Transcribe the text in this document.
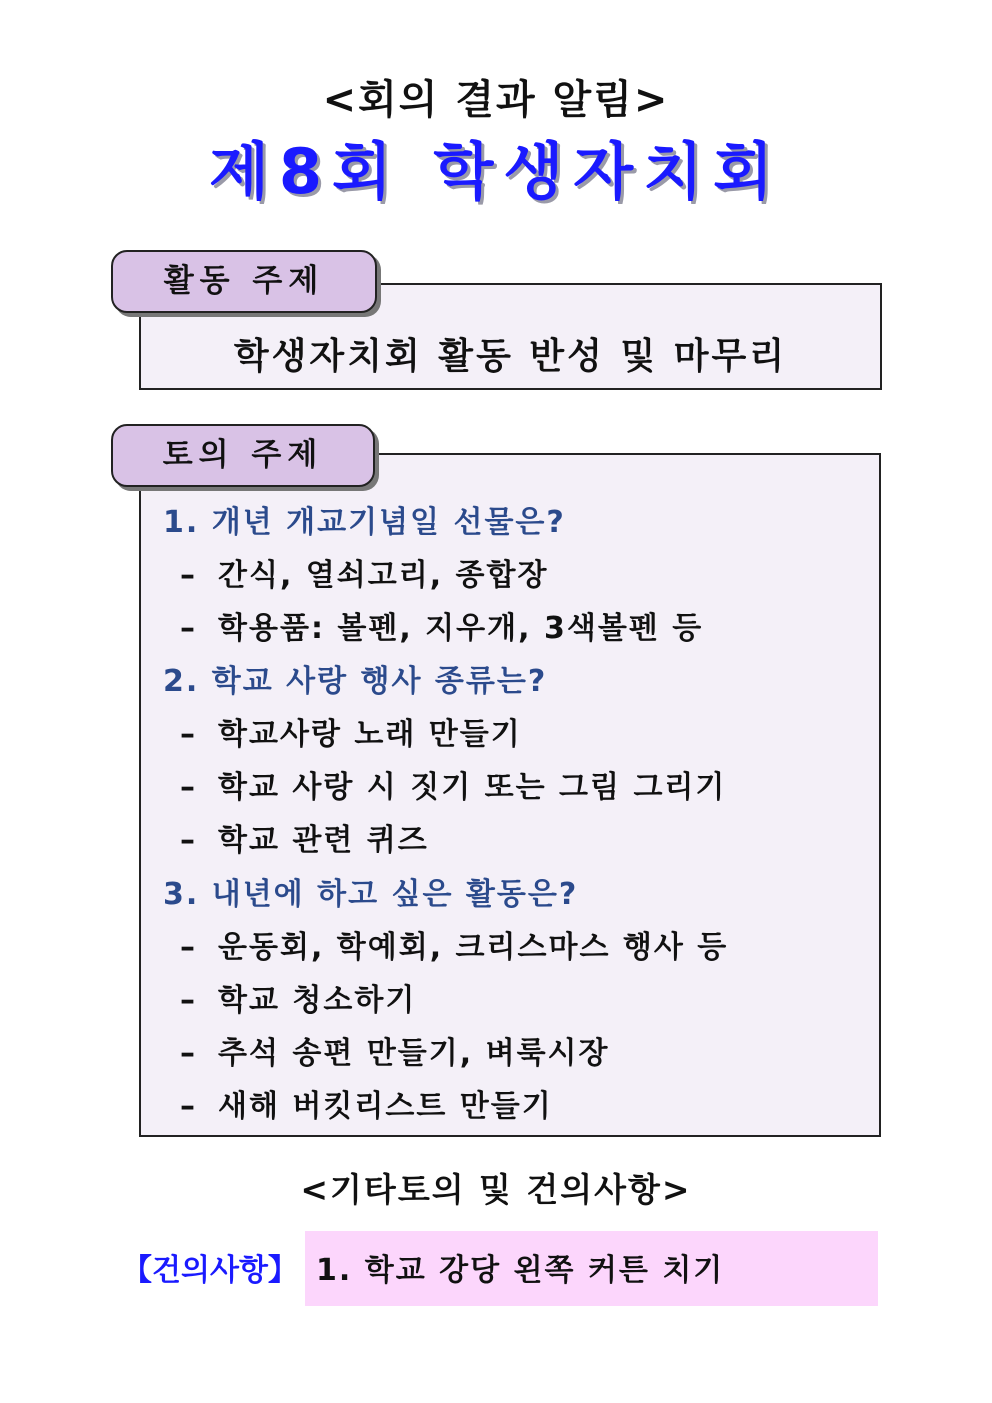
<회의 결과 알림>
제8회 학생자치회
활동 주제
학생자치회 활동 반성 및 마무리
토의 주제
1. 개년 개교기념일 선물은?
– 간식, 열쇠고리, 종합장
– 학용품: 볼펜, 지우개, 3색볼펜 등
2. 학교 사랑 행사 종류는?
– 학교사랑 노래 만들기
– 학교 사랑 시 짓기 또는 그림 그리기
– 학교 관련 퀴즈
3. 내년에 하고 싶은 활동은?
– 운동회, 학예회, 크리스마스 행사 등
– 학교 청소하기
– 추석 송편 만들기, 벼룩시장
– 새해 버킷리스트 만들기
<기타토의 및 건의사항>
【건의사항】 1. 학교 강당 왼쪽 커튼 치기
